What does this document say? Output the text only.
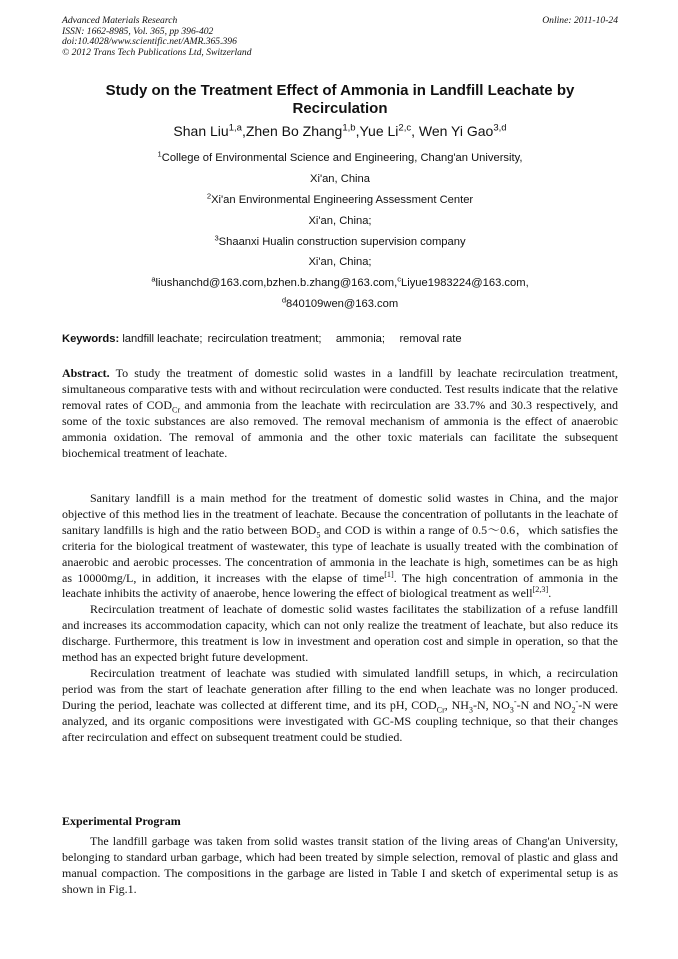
Advanced Materials Research
ISSN: 1662-8985, Vol. 365, pp 396-402
doi:10.4028/www.scientific.net/AMR.365.396
© 2012 Trans Tech Publications Ltd, Switzerland
Online: 2011-10-24
Study on the Treatment Effect of Ammonia in Landfill Leachate by Recirculation
Shan Liu$^{1,a}$,Zhen Bo Zhang$^{1,b}$,Yue Li$^{2,c}$, Wen Yi Gao$^{3,d}$
$^1$College of Environmental Science and Engineering, Chang'an University,
Xi'an, China
$^2$Xi'an Environmental Engineering Assessment Center
Xi'an, China;
$^3$Shaanxi Hualin construction supervision company
Xi'an, China;
$^a$liushanchd@163.com,bzhen.b.zhang@163.com,$^c$Liyue1983224@163.com,
$^d$840109wen@163.com
Keywords: landfill leachate; recirculation treatment; ammonia; removal rate

Abstract. To study the treatment of domestic solid wastes in a landfill by leachate recirculation treatment, simultaneous comparative tests with and without recirculation were conducted. Test results indicate that the relative removal rates of $COD_{Cr}$ and ammonia from the leachate with recirculation are 33.7% and 30.3 respectively, and some of the toxic substances are also removed. The removal mechanism of ammonia is the effect of anaerobic ammonia oxidation. The removal of ammonia and the other toxic materials can facilitate the subsequent biochemical treatment of leachate.

Sanitary landfill is a main method for the treatment of domestic solid wastes in China, and the major objective of this method lies in the treatment of leachate. Because the concentration of pollutants in the leachate of sanitary landfills is high and the ratio between $BOD_5$ and COD is within a range of 0.5～0.6，which satisfies the criteria for the biological treatment of wastewater, this type of leachate is usually treated with the combination of anaerobic and aerobic processes. The concentration of ammonia in the leachate is high, sometimes can be as high as 10000mg/L, in addition, it increases with the elapse of time[1]. The high concentration of ammonia in the leachate inhibits the activity of anaerobe, hence lowering the effect of biological treatment as well[2,3].

Recirculation treatment of leachate of domestic solid wastes facilitates the stabilization of a refuse landfill and increases its accommodation capacity, which can not only realize the treatment of leachate, but also reduce its discharge. Furthermore, this treatment is low in investment and operation cost and simple in operation, so that the method has an expected bright future development.

Recirculation treatment of leachate was studied with simulated landfill setups, in which, a recirculation period was from the start of leachate generation after filling to the end when leachate was no longer produced. During the period, leachate was collected at different time, and its pH, $COD_{Cr}$, $NH_3-N$, $NO_3^--N$ and $NO_2^--N$ were analyzed, and its organic compositions were investigated with GC-MS coupling technique, so that their changes after recirculation and effect on subsequent treatment could be studied.

Experimental Program

The landfill garbage was taken from solid wastes transit station of the living areas of Chang'an University, belonging to standard urban garbage, which had been treated by simple selection, removal of plastic and glass and manual compaction. The compositions in the garbage are listed in Table I and sketch of experimental setup is as shown in Fig.1.
